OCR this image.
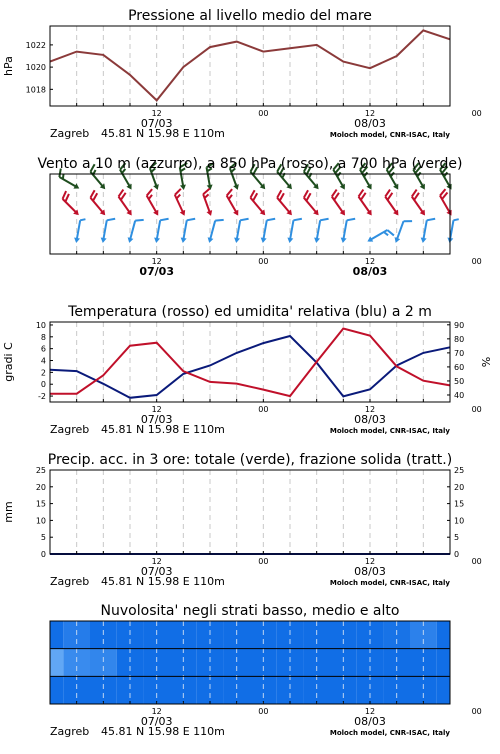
1018
1020
1022
Pressione al livello medio del mare
12	00	12	00
07/03	08/03
Zagreb 45.81 N 15.98 E 110m	Moloch model, CNR-ISAC, Italy
hPa
Vento a 10 m (azzurro), a 850 hPa (rosso), a 700 hPa (verde)
12	00	12	00
07/03	08/03
-2
0
2
4
6
8
10
40
50
60
70
80
90
Temperatura (rosso) ed umidita' relativa (blu) a 2 m
12	00	12	00
07/03	08/03
Zagreb 45.81 N 15.98 E 110m	Moloch model, CNR-ISAC, Italy
gradi C	%
0
5
10
15
20
25
0
5
10
15
20
25
Precip. acc. in 3 ore: totale (verde), frazione solida (tratt.)
12	00	12	00
07/03	08/03
Zagreb 45.81 N 15.98 E 110m	Moloch model, CNR-ISAC, Italy
mm
Nuvolosita' negli strati basso, medio e alto
12	00	12	00
07/03	08/03
Zagreb 45.81 N 15.98 E 110m	Moloch model, CNR-ISAC, Italy
